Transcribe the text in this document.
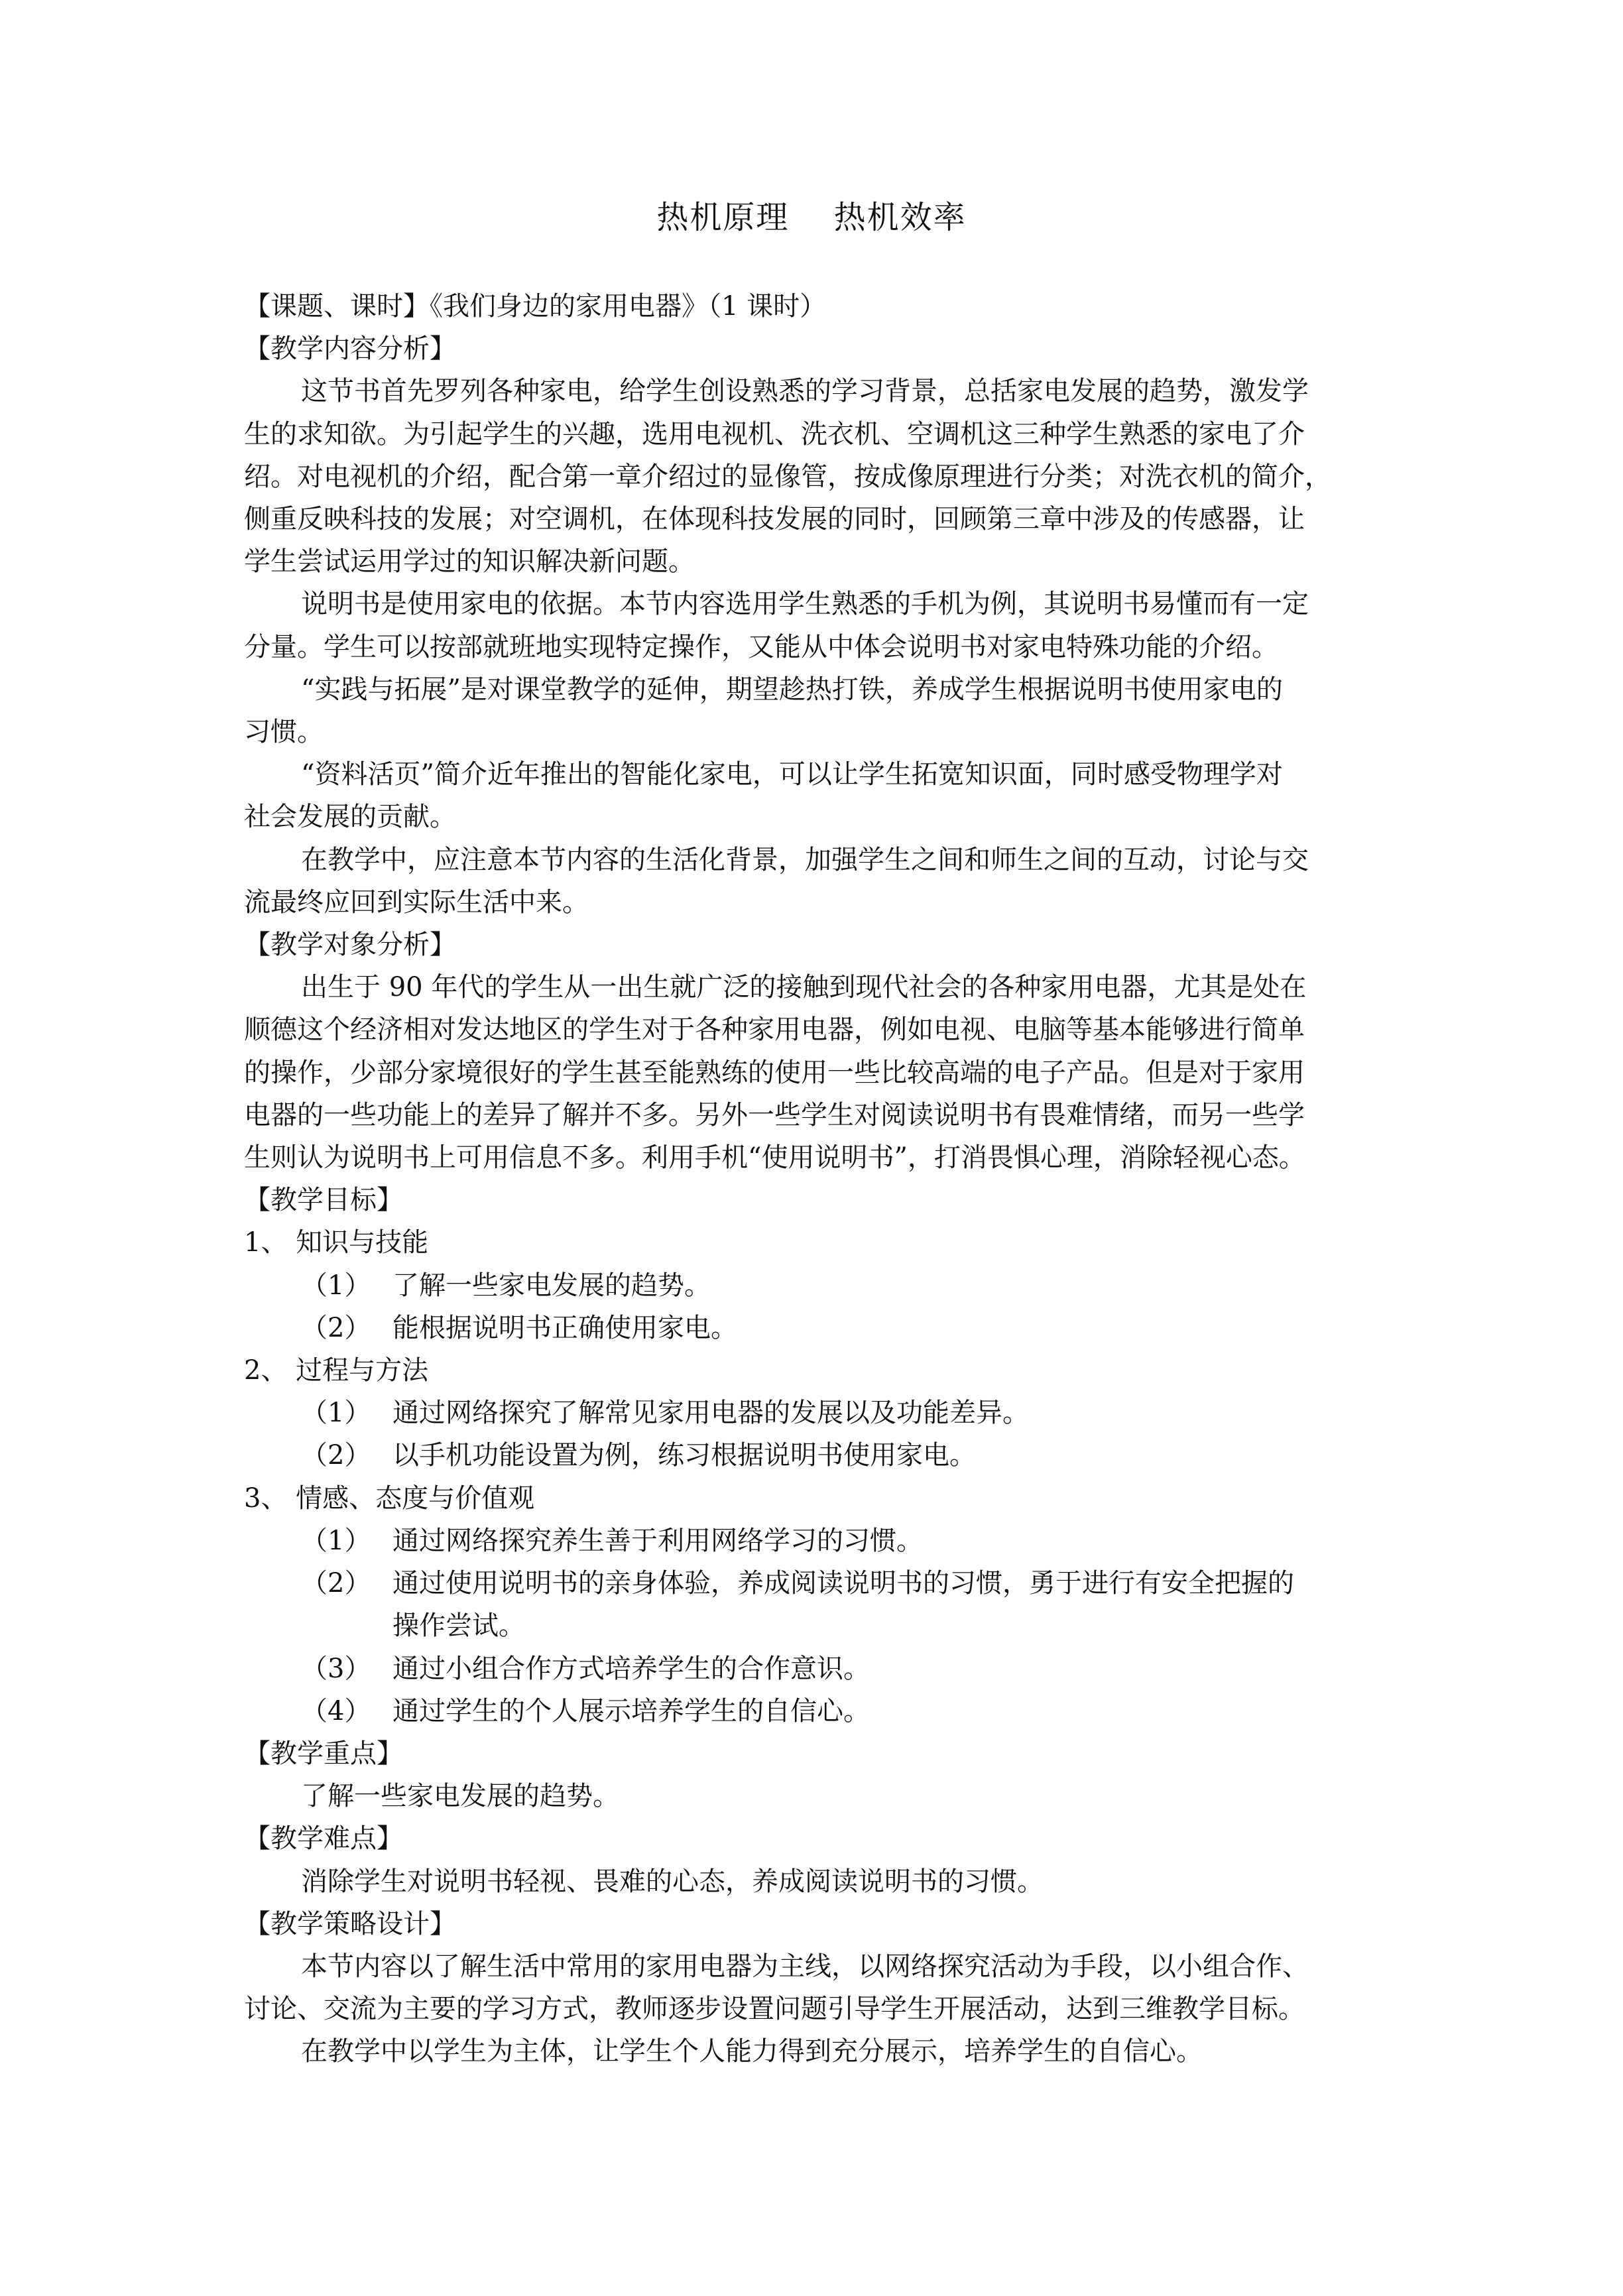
热机原理　 热机效率
【课题、课时】《我们身边的家用电器》（1 课时）
【教学内容分析】
这节书首先罗列各种家电，给学生创设熟悉的学习背景，总括家电发展的趋势，激发学
生的求知欲。为引起学生的兴趣，选用电视机、洗衣机、空调机这三种学生熟悉的家电了介
绍。对电视机的介绍，配合第一章介绍过的显像管，按成像原理进行分类；对洗衣机的简介，
侧重反映科技的发展；对空调机，在体现科技发展的同时，回顾第三章中涉及的传感器，让
学生尝试运用学过的知识解决新问题。
说明书是使用家电的依据。本节内容选用学生熟悉的手机为例，其说明书易懂而有一定
分量。学生可以按部就班地实现特定操作，又能从中体会说明书对家电特殊功能的介绍。
“实践与拓展”是对课堂教学的延伸，期望趁热打铁，养成学生根据说明书使用家电的
习惯。
“资料活页”简介近年推出的智能化家电，可以让学生拓宽知识面，同时感受物理学对
社会发展的贡献。
在教学中，应注意本节内容的生活化背景，加强学生之间和师生之间的互动，讨论与交
流最终应回到实际生活中来。
【教学对象分析】
出生于 90 年代的学生从一出生就广泛的接触到现代社会的各种家用电器，尤其是处在
顺德这个经济相对发达地区的学生对于各种家用电器，例如电视、电脑等基本能够进行简单
的操作，少部分家境很好的学生甚至能熟练的使用一些比较高端的电子产品。但是对于家用
电器的一些功能上的差异了解并不多。另外一些学生对阅读说明书有畏难情绪，而另一些学
生则认为说明书上可用信息不多。利用手机“使用说明书”，打消畏惧心理，消除轻视心态。
【教学目标】
1、 知识与技能
（1） 了解一些家电发展的趋势。
（2） 能根据说明书正确使用家电。
2、 过程与方法
（1） 通过网络探究了解常见家用电器的发展以及功能差异。
（2） 以手机功能设置为例，练习根据说明书使用家电。
3、 情感、态度与价值观
（1） 通过网络探究养生善于利用网络学习的习惯。
（2） 通过使用说明书的亲身体验，养成阅读说明书的习惯，勇于进行有安全把握的
操作尝试。
（3） 通过小组合作方式培养学生的合作意识。
（4） 通过学生的个人展示培养学生的自信心。
【教学重点】
了解一些家电发展的趋势。
【教学难点】
消除学生对说明书轻视、畏难的心态，养成阅读说明书的习惯。
【教学策略设计】
本节内容以了解生活中常用的家用电器为主线，以网络探究活动为手段，以小组合作、
讨论、交流为主要的学习方式，教师逐步设置问题引导学生开展活动，达到三维教学目标。
在教学中以学生为主体，让学生个人能力得到充分展示，培养学生的自信心。
